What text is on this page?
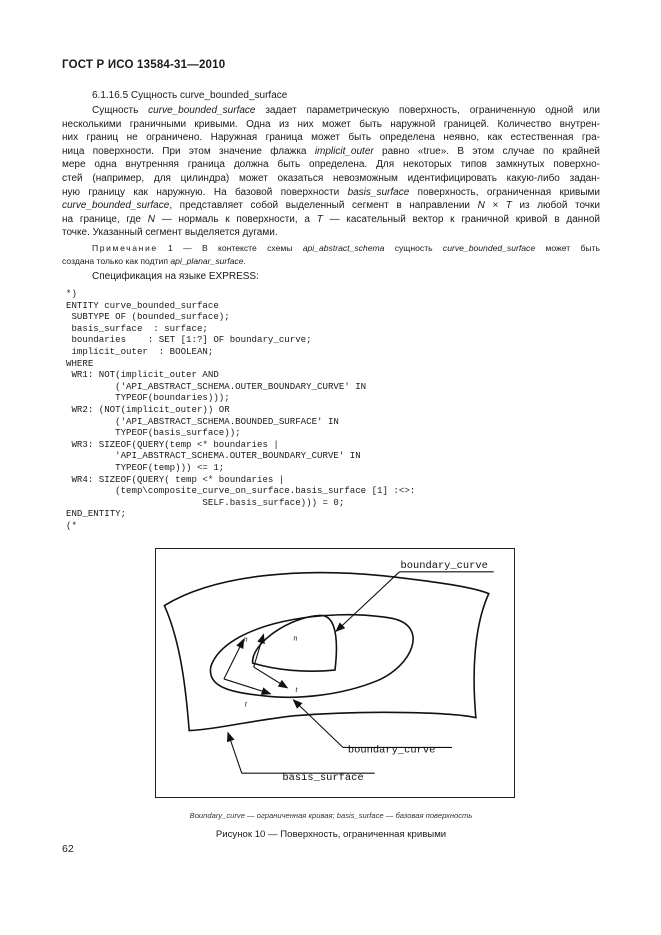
ГОСТ Р ИСО 13584-31—2010
6.1.16.5 Сущность curve_bounded_surface
Сущность curve_bounded_surface задает параметрическую поверхность, ограниченную одной или
несколькими граничными кривыми. Одна из них может быть наружной границей. Количество внутрен-
них границ не ограничено. Наружная граница может быть определена неявно, как естественная гра-
ница поверхности. При этом значение флажка implicit_outer равно «true». В этом случае по крайней
мере одна внутренняя граница должна быть определена. Для некоторых типов замкнутых поверхно-
стей (например, для цилиндра) может оказаться невозможным идентифицировать какую-либо задан-
ную границу как наружную. На базовой поверхности basis_surface поверхность, ограниченная кривыми
curve_bounded_surface, представляет собой выделенный сегмент в направлении N × T из любой точки
на границе, где N — нормаль к поверхности, а T — касательный вектор к граничной кривой в данной
точке. Указанный сегмент выделяется дугами.
Примечание 1 — В контексте схемы api_abstract_schema сущность curve_bounded_surface может быть
создана только как подтип api_planar_surface.
Спецификация на языке EXPRESS:
*)
ENTITY curve_bounded_surface
SUBTYPE OF (bounded_surface);
basis_surface  : surface;
boundaries    : SET [1:?] OF boundary_curve;
implicit_outer  : BOOLEAN;
WHERE
WR1: NOT(implicit_outer AND
('API_ABSTRACT_SCHEMA.OUTER_BOUNDARY_CURVE' IN
TYPEOF(boundaries)));
WR2: (NOT(implicit_outer)) OR
('API_ABSTRACT_SCHEMA.BOUNDED_SURFACE' IN
TYPEOF(basis_surface));
WR3: SIZEOF(QUERY(temp <* boundaries |
'API_ABSTRACT_SCHEMA.OUTER_BOUNDARY_CURVE' IN
TYPEOF(temp))) <= 1;
WR4: SIZEOF(QUERY( temp <* boundaries |
(temp\composite_curve_on_surface.basis_surface [1] :<>:
SELF.basis_surface))) = 0;
END_ENTITY;
(*
boundary_curve
boundary_curve
basis_surface
n	n
t
t
Boundary_curve — ограниченная кривая; basis_surface — базовая поверхность
Рисунок 10 — Поверхность, ограниченная кривыми
62
